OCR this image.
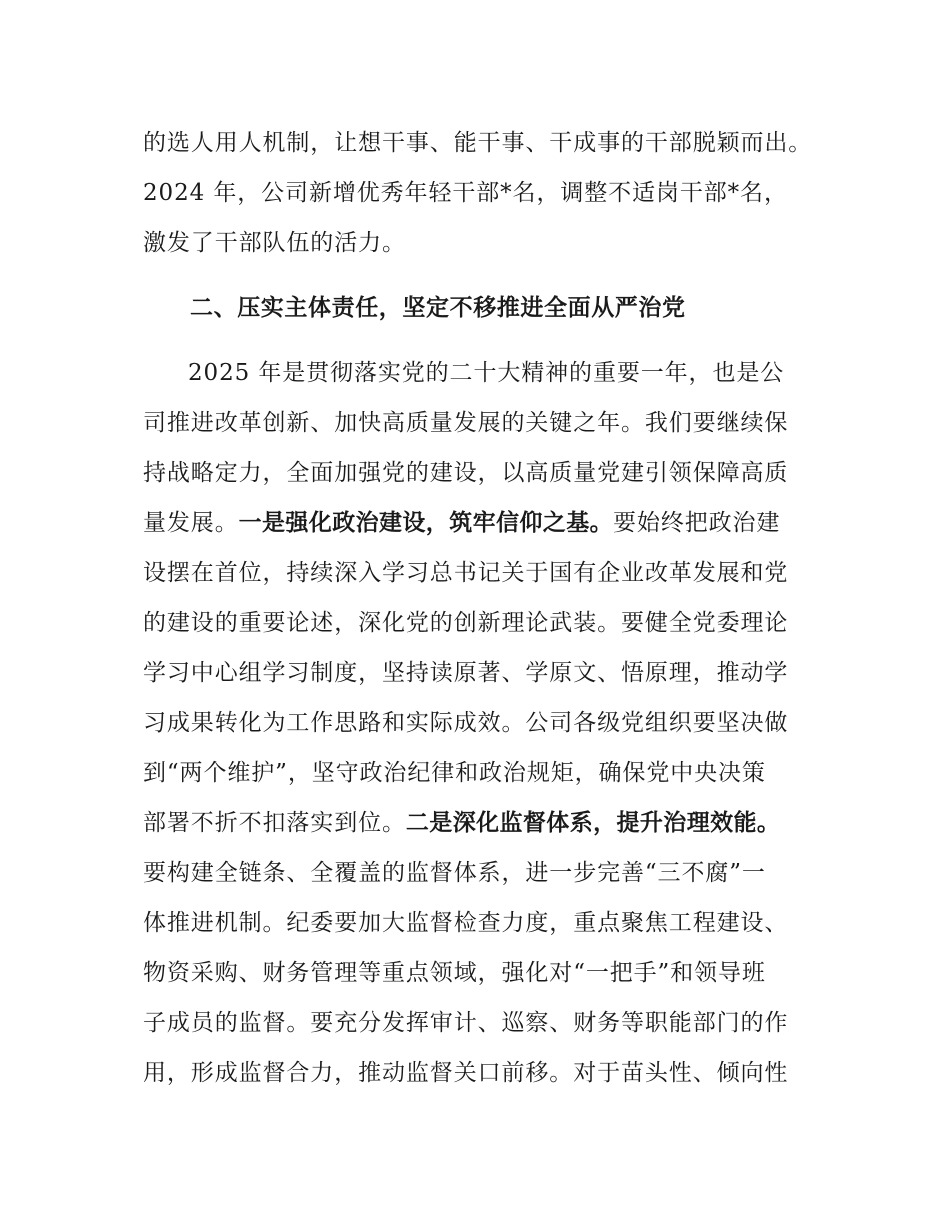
的选人用人机制，让想干事、能干事、干成事的干部脱颖而出。
2024 年，公司新增优秀年轻干部*名，调整不适岗干部*名，
激发了干部队伍的活力。
二、压实主体责任，坚定不移推进全面从严治党
2025 年是贯彻落实党的二十大精神的重要一年，也是公
司推进改革创新、加快高质量发展的关键之年。我们要继续保
持战略定力，全面加强党的建设，以高质量党建引领保障高质
量发展。一是强化政治建设，筑牢信仰之基。要始终把政治建
设摆在首位，持续深入学习总书记关于国有企业改革发展和党
的建设的重要论述，深化党的创新理论武装。要健全党委理论
学习中心组学习制度，坚持读原著、学原文、悟原理，推动学
习成果转化为工作思路和实际成效。公司各级党组织要坚决做
到“两个维护”，坚守政治纪律和政治规矩，确保党中央决策
部署不折不扣落实到位。二是深化监督体系，提升治理效能。
要构建全链条、全覆盖的监督体系，进一步完善“三不腐”一
体推进机制。纪委要加大监督检查力度，重点聚焦工程建设、
物资采购、财务管理等重点领域，强化对“一把手”和领导班
子成员的监督。要充分发挥审计、巡察、财务等职能部门的作
用，形成监督合力，推动监督关口前移。对于苗头性、倾向性
